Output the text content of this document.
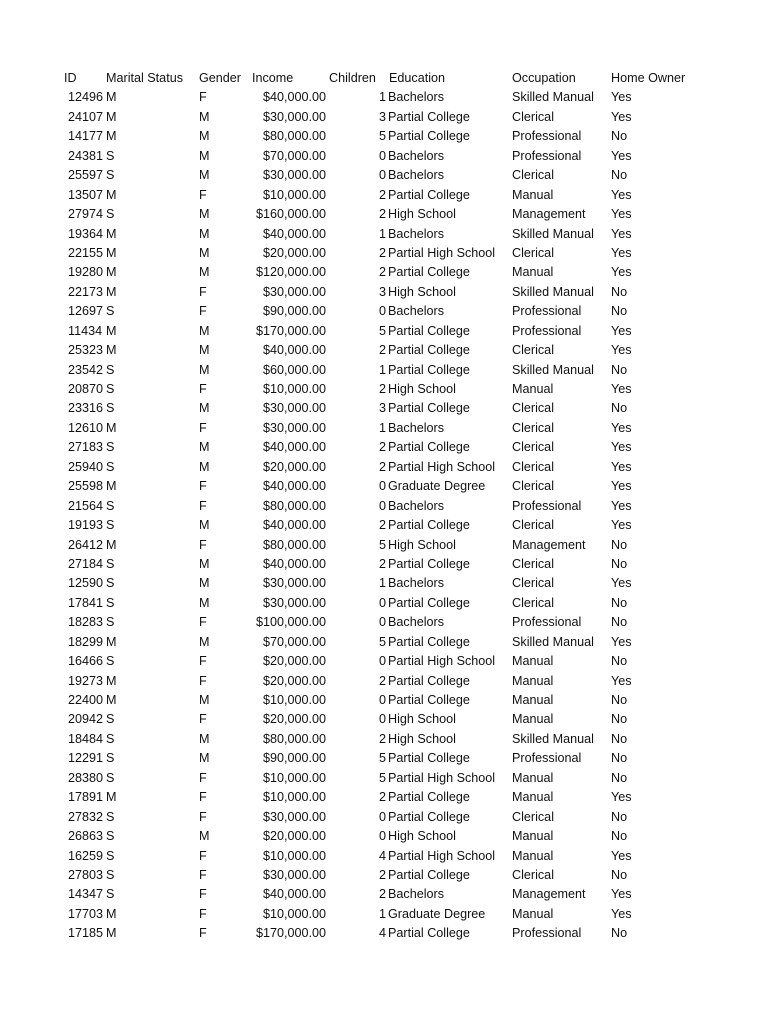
ID Marital Status Gender Income	Children Education	Occupation	Home Owner
12496 M	F	$40,000.00	1 Bachelors	Skilled Manual Yes
24107 M	M	$30,000.00	3 Partial College	Clerical	Yes
14177 M	M	$80,000.00	5 Partial College	Professional No
24381 S	M	$70,000.00	0 Bachelors	Professional Yes
25597 S	M	$30,000.00	0 Bachelors	Clerical	No
13507 M	F	$10,000.00	2 Partial College	Manual	Yes
27974 S	M	$160,000.00	2 High School	Management Yes
19364 M	M	$40,000.00	1 Bachelors	Skilled Manual Yes
22155 M	M	$20,000.00	2 Partial High School Clerical	Yes
19280 M	M	$120,000.00	2 Partial College	Manual	Yes
22173 M	F	$30,000.00	3 High School	Skilled Manual No
12697 S	F	$90,000.00	0 Bachelors	Professional No
11434 M	M	$170,000.00	5 Partial College	Professional Yes
25323 M	M	$40,000.00	2 Partial College	Clerical	Yes
23542 S	M	$60,000.00	1 Partial College	Skilled Manual No
20870 S	F	$10,000.00	2 High School	Manual	Yes
23316 S	M	$30,000.00	3 Partial College	Clerical	No
12610 M	F	$30,000.00	1 Bachelors	Clerical	Yes
27183 S	M	$40,000.00	2 Partial College	Clerical	Yes
25940 S	M	$20,000.00	2 Partial High School Clerical	Yes
25598 M	F	$40,000.00	0 Graduate Degree Clerical	Yes
21564 S	F	$80,000.00	0 Bachelors	Professional Yes
19193 S	M	$40,000.00	2 Partial College	Clerical	Yes
26412 M	F	$80,000.00	5 High School	Management No
27184 S	M	$40,000.00	2 Partial College	Clerical	No
12590 S	M	$30,000.00	1 Bachelors	Clerical	Yes
17841 S	M	$30,000.00	0 Partial College	Clerical	No
18283 S	F	$100,000.00	0 Bachelors	Professional No
18299 M	M	$70,000.00	5 Partial College	Skilled Manual Yes
16466 S	F	$20,000.00	0 Partial High School Manual	No
19273 M	F	$20,000.00	2 Partial College	Manual	Yes
22400 M	M	$10,000.00	0 Partial College	Manual	No
20942 S	F	$20,000.00	0 High School	Manual	No
18484 S	M	$80,000.00	2 High School	Skilled Manual No
12291 S	M	$90,000.00	5 Partial College	Professional No
28380 S	F	$10,000.00	5 Partial High School Manual	No
17891 M	F	$10,000.00	2 Partial College	Manual	Yes
27832 S	F	$30,000.00	0 Partial College	Clerical	No
26863 S	M	$20,000.00	0 High School	Manual	No
16259 S	F	$10,000.00	4 Partial High School Manual	Yes
27803 S	F	$30,000.00	2 Partial College	Clerical	No
14347 S	F	$40,000.00	2 Bachelors	Management Yes
17703 M	F	$10,000.00	1 Graduate Degree Manual	Yes
17185 M	F	$170,000.00	4 Partial College	Professional No
